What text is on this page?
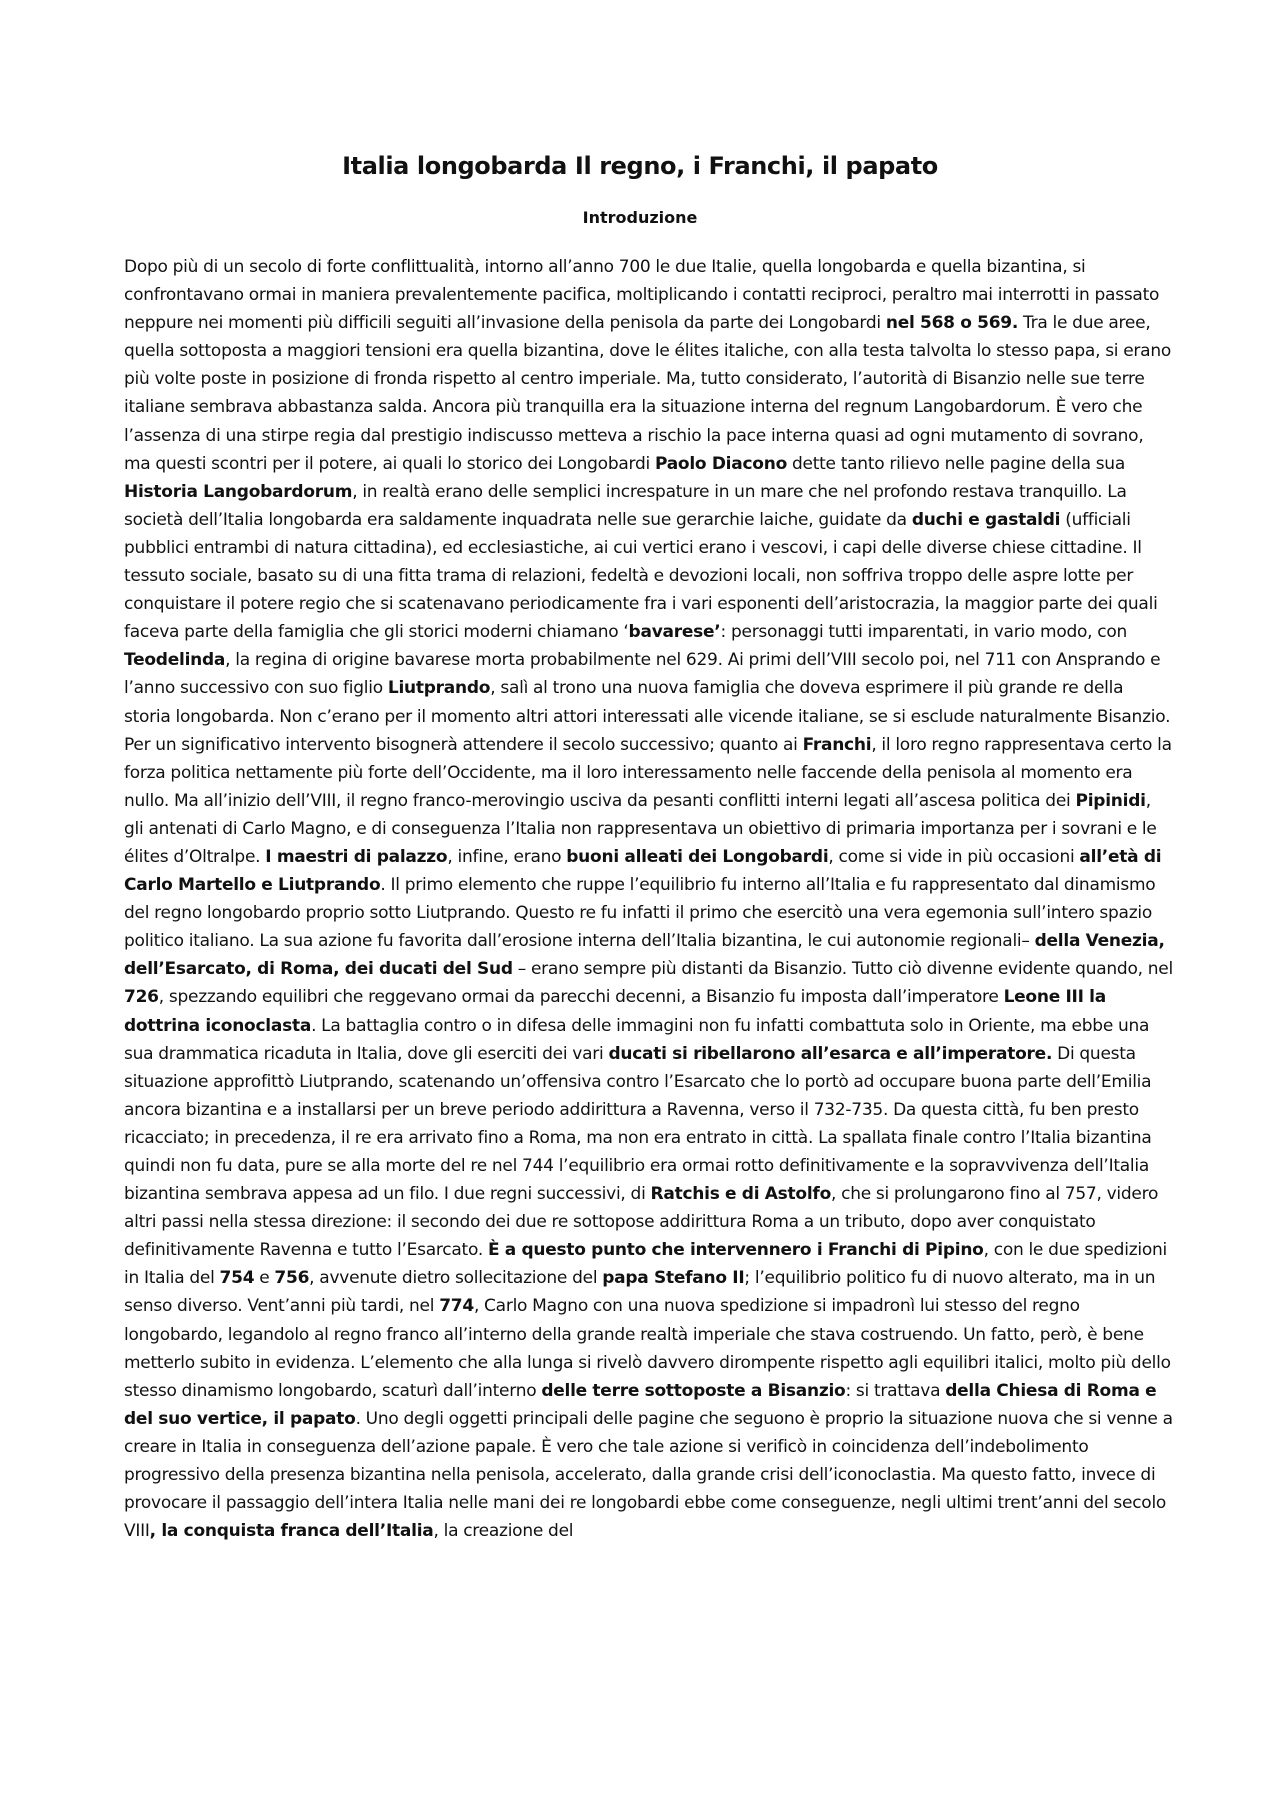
Italia longobarda Il regno, i Franchi, il papato
Introduzione

Dopo più di un secolo di forte conflittualità, intorno all’anno 700 le due Italie, quella longobarda e quella bizantina, si confrontavano ormai in maniera prevalentemente pacifica, moltiplicando i contatti reciproci, peraltro mai interrotti in passato neppure nei momenti più difficili seguiti all’invasione della penisola da parte dei Longobardi nel 568 o 569. Tra le due aree, quella sottoposta a maggiori tensioni era quella bizantina, dove le élites italiche, con alla testa talvolta lo stesso papa, si erano più volte poste in posizione di fronda rispetto al centro imperiale. Ma, tutto considerato, l’autorità di Bisanzio nelle sue terre italiane sembrava abbastanza salda. Ancora più tranquilla era la situazione interna del regnum Langobardorum. È vero che l’assenza di una stirpe regia dal prestigio indiscusso metteva a rischio la pace interna quasi ad ogni mutamento di sovrano, ma questi scontri per il potere, ai quali lo storico dei Longobardi Paolo Diacono dette tanto rilievo nelle pagine della sua Historia Langobardorum, in realtà erano delle semplici increspature in un mare che nel profondo restava tranquillo. La società dell’Italia longobarda era saldamente inquadrata nelle sue gerarchie laiche, guidate da duchi e gastaldi (ufficiali pubblici entrambi di natura cittadina), ed ecclesiastiche, ai cui vertici erano i vescovi, i capi delle diverse chiese cittadine. Il tessuto sociale, basato su di una fitta trama di relazioni, fedeltà e devozioni locali, non soffriva troppo delle aspre lotte per conquistare il potere regio che si scatenavano periodicamente fra i vari esponenti dell’aristocrazia, la maggior parte dei quali faceva parte della famiglia che gli storici moderni chiamano ‘bavarese’: personaggi tutti imparentati, in vario modo, con Teodelinda, la regina di origine bavarese morta probabilmente nel 629. Ai primi dell’VIII secolo poi, nel 711 con Ansprando e l’anno successivo con suo figlio Liutprando, salì al trono una nuova famiglia che doveva esprimere il più grande re della storia longobarda. Non c’erano per il momento altri attori interessati alle vicende italiane, se si esclude naturalmente Bisanzio. Per un significativo intervento bisognerà attendere il secolo successivo; quanto ai Franchi, il loro regno rappresentava certo la forza politica nettamente più forte dell’Occidente, ma il loro interessamento nelle faccende della penisola al momento era nullo. Ma all’inizio dell’VIII, il regno franco-merovingio usciva da pesanti conflitti interni legati all’ascesa politica dei Pipinidi, gli antenati di Carlo Magno, e di conseguenza l’Italia non rappresentava un obiettivo di primaria importanza per i sovrani e le élites d’Oltralpe. I maestri di palazzo, infine, erano buoni alleati dei Longobardi, come si vide in più occasioni all’età di Carlo Martello e Liutprando. Il primo elemento che ruppe l’equilibrio fu interno all’Italia e fu rappresentato dal dinamismo del regno longobardo proprio sotto Liutprando. Questo re fu infatti il primo che esercitò una vera egemonia sull’intero spazio politico italiano. La sua azione fu favorita dall’erosione interna dell’Italia bizantina, le cui autonomie regionali– della Venezia, dell’Esarcato, di Roma, dei ducati del Sud – erano sempre più distanti da Bisanzio. Tutto ciò divenne evidente quando, nel 726, spezzando equilibri che reggevano ormai da parecchi decenni, a Bisanzio fu imposta dall’imperatore Leone III la dottrina iconoclasta. La battaglia contro o in difesa delle immagini non fu infatti combattuta solo in Oriente, ma ebbe una sua drammatica ricaduta in Italia, dove gli eserciti dei vari ducati si ribellarono all’esarca e all’imperatore. Di questa situazione approfittò Liutprando, scatenando un’offensiva contro l’Esarcato che lo portò ad occupare buona parte dell’Emilia ancora bizantina e a installarsi per un breve periodo addirittura a Ravenna, verso il 732-735. Da questa città, fu ben presto ricacciato; in precedenza, il re era arrivato fino a Roma, ma non era entrato in città. La spallata finale contro l’Italia bizantina quindi non fu data, pure se alla morte del re nel 744 l’equilibrio era ormai rotto definitivamente e la sopravvivenza dell’Italia bizantina sembrava appesa ad un filo. I due regni successivi, di Ratchis e di Astolfo, che si prolungarono fino al 757, videro altri passi nella stessa direzione: il secondo dei due re sottopose addirittura Roma a un tributo, dopo aver conquistato definitivamente Ravenna e tutto l’Esarcato. È a questo punto che intervennero i Franchi di Pipino, con le due spedizioni in Italia del 754 e 756, avvenute dietro sollecitazione del papa Stefano II; l’equilibrio politico fu di nuovo alterato, ma in un senso diverso. Vent’anni più tardi, nel 774, Carlo Magno con una nuova spedizione si impadronì lui stesso del regno longobardo, legandolo al regno franco all’interno della grande realtà imperiale che stava costruendo. Un fatto, però, è bene metterlo subito in evidenza. L’elemento che alla lunga si rivelò davvero dirompente rispetto agli equilibri italici, molto più dello stesso dinamismo longobardo, scaturì dall’interno delle terre sottoposte a Bisanzio: si trattava della Chiesa di Roma e del suo vertice, il papato. Uno degli oggetti principali delle pagine che seguono è proprio la situazione nuova che si venne a creare in Italia in conseguenza dell’azione papale. È vero che tale azione si verificò in coincidenza dell’indebolimento progressivo della presenza bizantina nella penisola, accelerato, dalla grande crisi dell’iconoclastia. Ma questo fatto, invece di provocare il passaggio dell’intera Italia nelle mani dei re longobardi ebbe come conseguenze, negli ultimi trent’anni del secolo VIII, la conquista franca dell’Italia, la creazione del
